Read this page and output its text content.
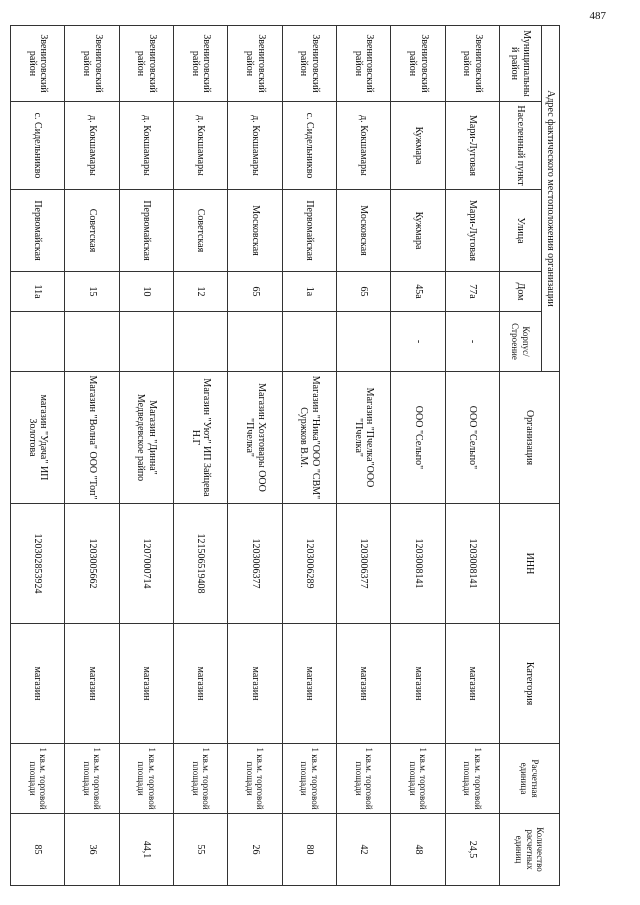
487
Адрес фактического местоположения организации					Организация	ИНН	Категория	Расчетная единица	Количество расчетных единиц
Муниципальный район	Населенный пункт	Улица	Дом	Корпус/ Строение					
Звениговский район	Мари-Луговая	Мари-Луговая	77а	-	ООО "Сельпо"	1203008141	магазин	1 кв.м. торговой площади	24,5
Звениговский район	Кужмара	Кужмара	45а	-	ООО "Сельпо"	1203008141	магазин	1 кв.м. торговой площади	48
Звениговский район	д. Кокшамары	Московская	65		Магазин "Пчелка"ООО "Пчелка"	1203006377	магазин	1 кв.м. торговой площади	42
Звениговский район	с. Сидельникво	Первомайская	1а		Магазин "Ника"ООО "СВМ" Суржков В.М.	1203006289	магазин	1 кв.м. торговой площади	80
Звениговский район	д. Кокшамары	Московская	65		Магазин Хозтовары ООО "Пчелка"	1203006377	магазин	1 кв.м. торговой площади	26
Звениговский район	д. Кокшамары	Советская	12		Магазин "Уют" ИП Зайцева Н.Г	121506519408	магазин	1 кв.м. торговой площади	55
Звениговский район	д. Кокшамары	Первомайская	10		Магазин "Динна" Медведевское райпо	1207000714	магазин	1 кв.м. торговой площади	44,1
Звениговский район	д. Кокшамары	Советская	15		Магазин "Волна" ООО "Топ"	1203005662	магазин	1 кв.м. торговой площади	36
Звениговский район	с. Сидельникво	Первомайская	11а		магазин "Удача" ИП Золотова	120302853924	магазин	1 кв.м. торговой площади	85
